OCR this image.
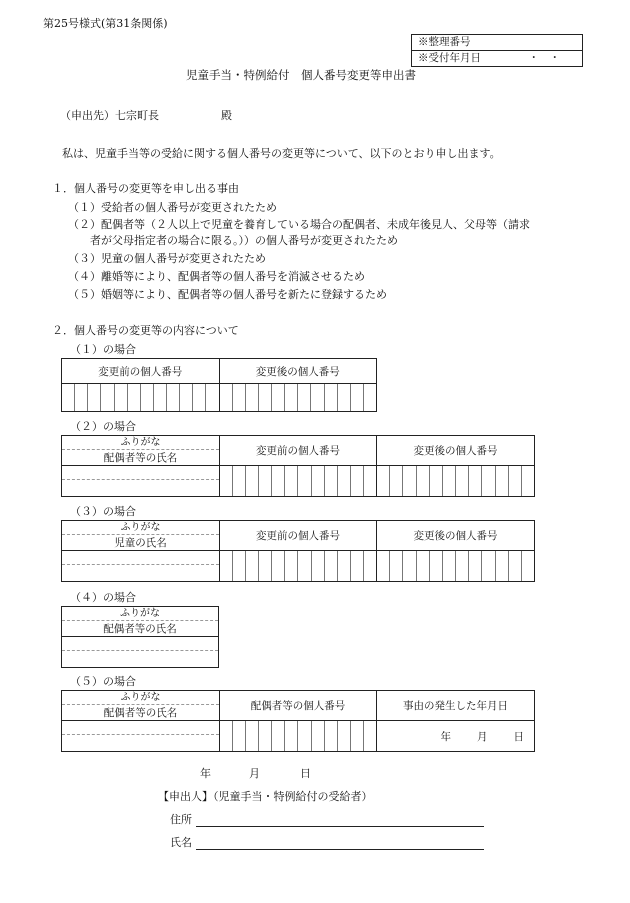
第25号様式(第31条関係)
※整理番号
※受付年月日	・　・
児童手当・特例給付　個人番号変更等申出書
（申出先）七宗町長	殿
私は、児童手当等の受給に関する個人番号の変更等について、以下のとおり申し出ます。
１．個人番号の変更等を申し出る事由
（１）受給者の個人番号が変更されたため
（２）配偶者等（２人以上で児童を養育している場合の配偶者、未成年後見人、父母等（請求
者が父母指定者の場合に限る。））の個人番号が変更されたため
（３）児童の個人番号が変更されたため
（４）離婚等により、配偶者等の個人番号を消滅させるため
（５）婚姻等により、配偶者等の個人番号を新たに登録するため
２．個人番号の変更等の内容について
（１）の場合
変更前の個人番号	変更後の個人番号

（２）の場合
ふりがな
配偶者等の氏名	変更前の個人番号	変更後の個人番号

（３）の場合
ふりがな
児童の氏名	変更前の個人番号	変更後の個人番号

（４）の場合
ふりがな
配偶者等の氏名

（５）の場合
ふりがな
配偶者等の氏名	配偶者等の個人番号	事由の発生した年月日

	年 月 日
年	月	日
【申出人】（児童手当・特例給付の受給者）
住所
氏名
